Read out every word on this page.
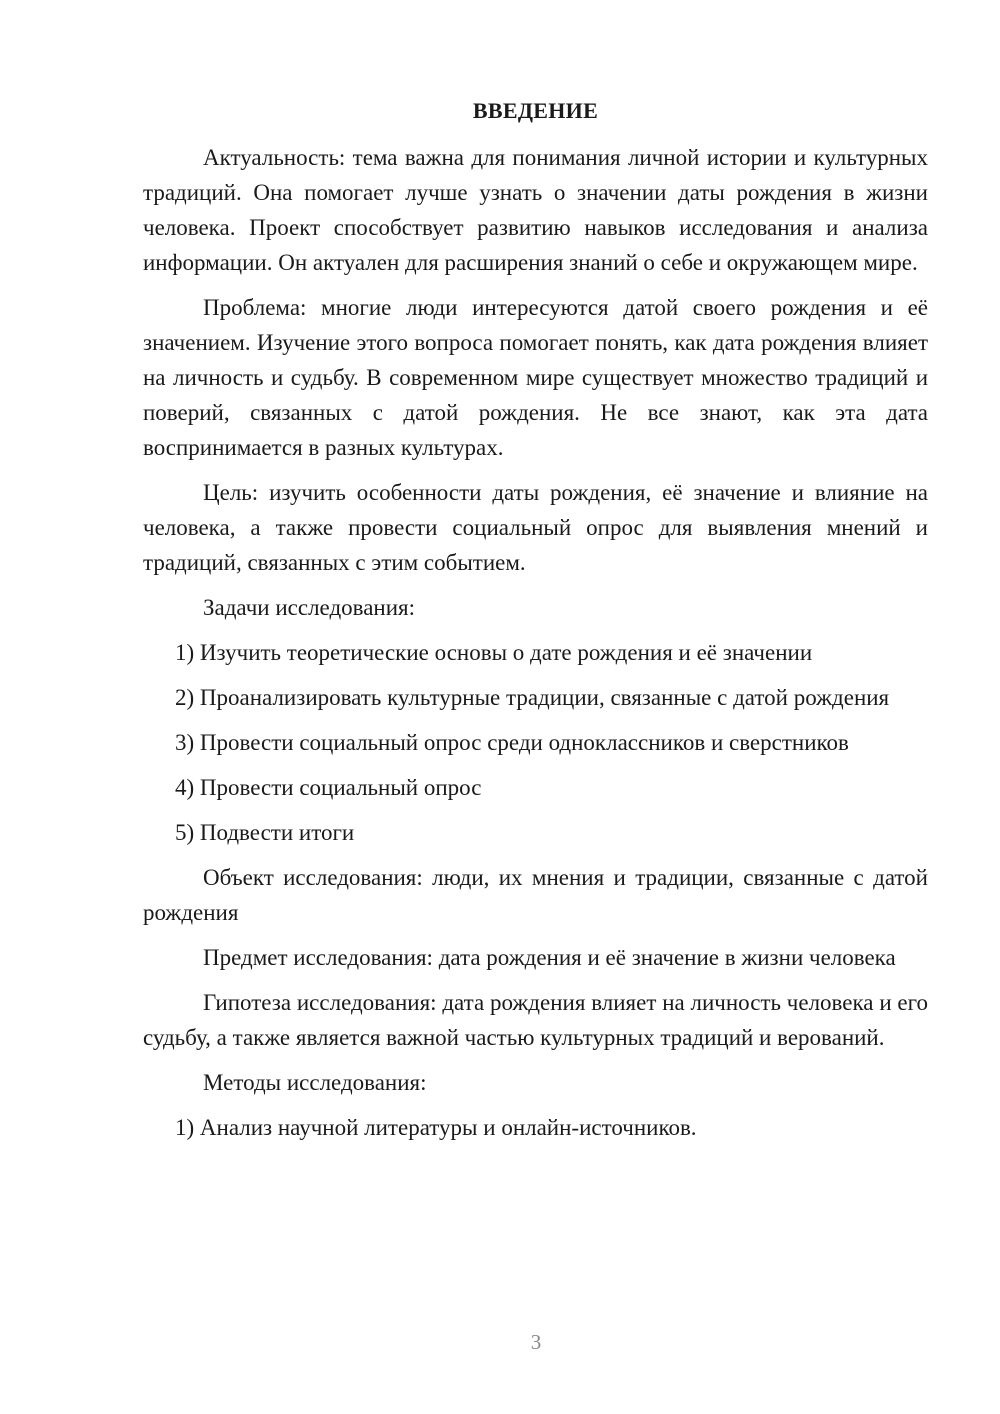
ВВЕДЕНИЕ

Актуальность: тема важна для понимания личной истории и культурных традиций. Она помогает лучше узнать о значении даты рождения в жизни человека. Проект способствует развитию навыков исследования и анализа информации. Он актуален для расширения знаний о себе и окружающем мире.

Проблема: многие люди интересуются датой своего рождения и её значением. Изучение этого вопроса помогает понять, как дата рождения влияет на личность и судьбу. В современном мире существует множество традиций и поверий, связанных с датой рождения. Не все знают, как эта дата воспринимается в разных культурах.

Цель: изучить особенности даты рождения, её значение и влияние на человека, а также провести социальный опрос для выявления мнений и традиций, связанных с этим событием.

Задачи исследования:

1) Изучить теоретические основы о дате рождения и её значении

2) Проанализировать культурные традиции, связанные с датой рождения

3) Провести социальный опрос среди одноклассников и сверстников

4) Провести социальный опрос

5) Подвести итоги

Объект исследования: люди, их мнения и традиции, связанные с датой рождения

Предмет исследования: дата рождения и её значение в жизни человека

Гипотеза исследования: дата рождения влияет на личность человека и его судьбу, а также является важной частью культурных традиций и верований.

Методы исследования:

1) Анализ научной литературы и онлайн-источников.

3
